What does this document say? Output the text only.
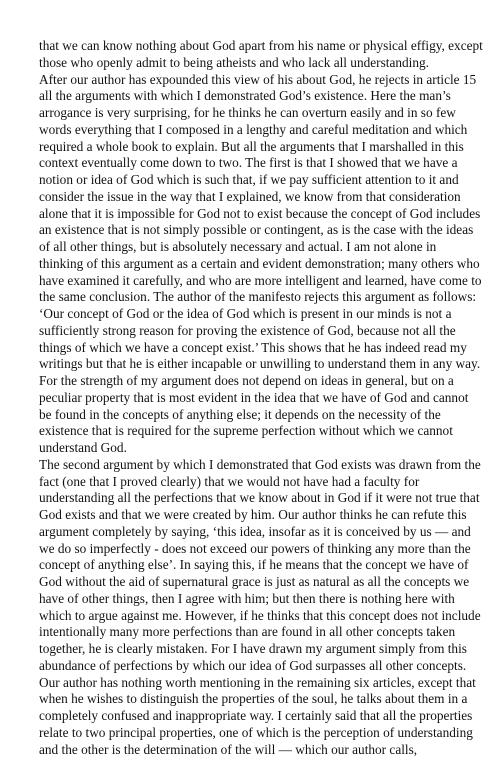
that we can know nothing about God apart from his name or physical effigy, except
those who openly admit to being atheists and who lack all understanding.
After our author has expounded this view of his about God, he rejects in article 15
all the arguments with which I demonstrated God’s existence. Here the man’s
arrogance is very surprising, for he thinks he can overturn easily and in so few
words everything that I composed in a lengthy and careful meditation and which
required a whole book to explain. But all the arguments that I marshalled in this
context eventually come down to two. The first is that I showed that we have a
notion or idea of God which is such that, if we pay sufficient attention to it and
consider the issue in the way that I explained, we know from that consideration
alone that it is impossible for God not to exist because the concept of God includes
an existence that is not simply possible or contingent, as is the case with the ideas
of all other things, but is absolutely necessary and actual. I am not alone in
thinking of this argument as a certain and evident demonstration; many others who
have examined it carefully, and who are more intelligent and learned, have come to
the same conclusion. The author of the manifesto rejects this argument as follows:
‘Our concept of God or the idea of God which is present in our minds is not a
sufficiently strong reason for proving the existence of God, because not all the
things of which we have a concept exist.’ This shows that he has indeed read my
writings but that he is either incapable or unwilling to understand them in any way.
For the strength of my argument does not depend on ideas in general, but on a
peculiar property that is most evident in the idea that we have of God and cannot
be found in the concepts of anything else; it depends on the necessity of the
existence that is required for the supreme perfection without which we cannot
understand God.
The second argument by which I demonstrated that God exists was drawn from the
fact (one that I proved clearly) that we would not have had a faculty for
understanding all the perfections that we know about in God if it were not true that
God exists and that we were created by him. Our author thinks he can refute this
argument completely by saying, ‘this idea, insofar as it is conceived by us — and
we do so imperfectly - does not exceed our powers of thinking any more than the
concept of anything else’. In saying this, if he means that the concept we have of
God without the aid of supernatural grace is just as natural as all the concepts we
have of other things, then I agree with him; but then there is nothing here with
which to argue against me. However, if he thinks that this concept does not include
intentionally many more perfections than are found in all other concepts taken
together, he is clearly mistaken. For I have drawn my argument simply from this
abundance of perfections by which our idea of God surpasses all other concepts.
Our author has nothing worth mentioning in the remaining six articles, except that
when he wishes to distinguish the properties of the soul, he talks about them in a
completely confused and inappropriate way. I certainly said that all the properties
relate to two principal properties, one of which is the perception of understanding
and the other is the determination of the will — which our author calls,
